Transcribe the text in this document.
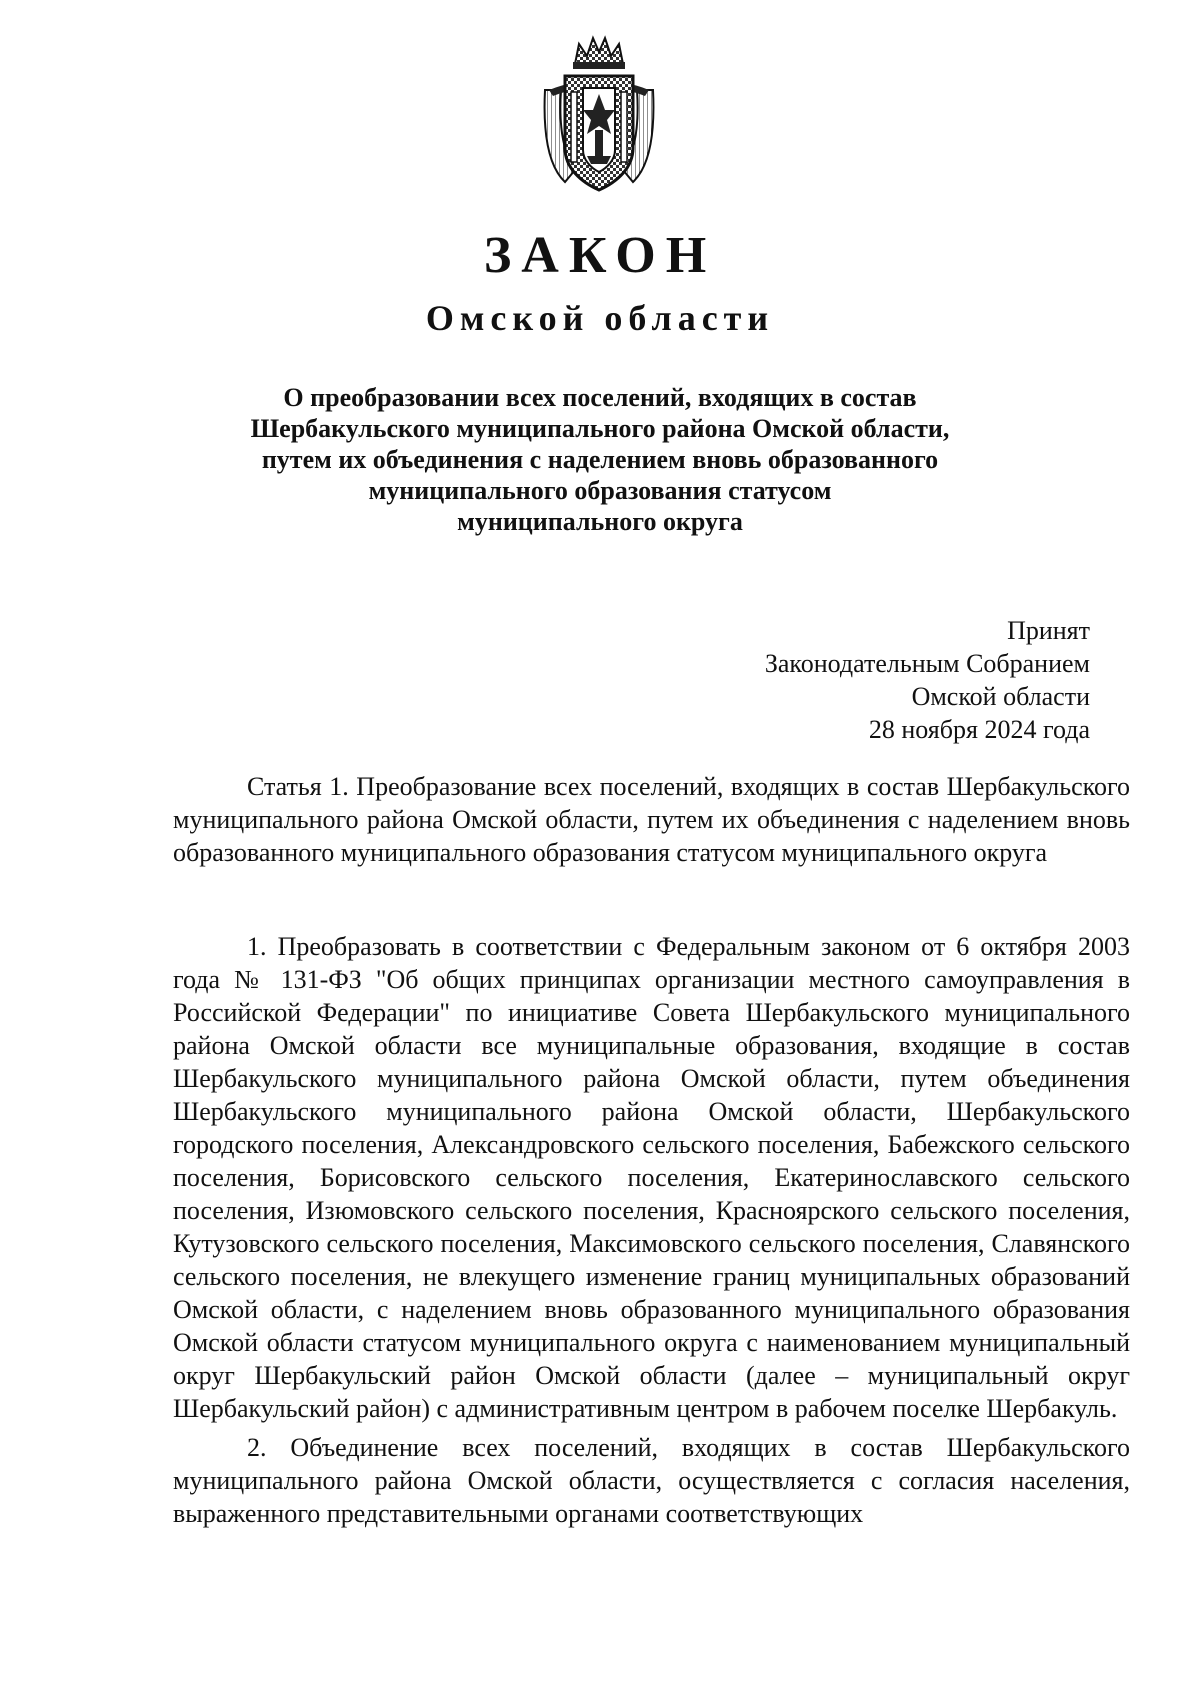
ЗАКОН
Омской области
О преобразовании всех поселений, входящих в состав
Шербакульского муниципального района Омской области,
путем их объединения с наделением вновь образованного
муниципального образования статусом
муниципального округа
Принят
Законодательным Собранием
Омской области
28 ноября 2024 года

Статья 1. Преобразование всех поселений, входящих в состав Шербакульского муниципального района Омской области, путем их объединения с наделением вновь образованного муниципального образования статусом муниципального округа

1. Преобразовать в соответствии с Федеральным законом от 6 октября 2003 года № 131-ФЗ "Об общих принципах организации местного самоуправления в Российской Федерации" по инициативе Совета Шербакульского муниципального района Омской области все муниципальные образования, входящие в состав Шербакульского муниципального района Омской области, путем объединения Шербакульского муниципального района Омской области, Шербакульского городского поселения, Александровского сельского поселения, Бабежского сельского поселения, Борисовского сельского поселения, Екатеринославского сельского поселения, Изюмовского сельского поселения, Красноярского сельского поселения, Кутузовского сельского поселения, Максимовского сельского поселения, Славянского сельского поселения, не влекущего изменение границ муниципальных образований Омской области, с наделением вновь образованного муниципального образования Омской области статусом муниципального округа с наименованием муниципальный округ Шербакульский район Омской области (далее – муниципальный округ Шербакульский район) с административным центром в рабочем поселке Шербакуль.

2. Объединение всех поселений, входящих в состав Шербакульского муниципального района Омской области, осуществляется с согласия населения, выраженного представительными органами соответствующих
